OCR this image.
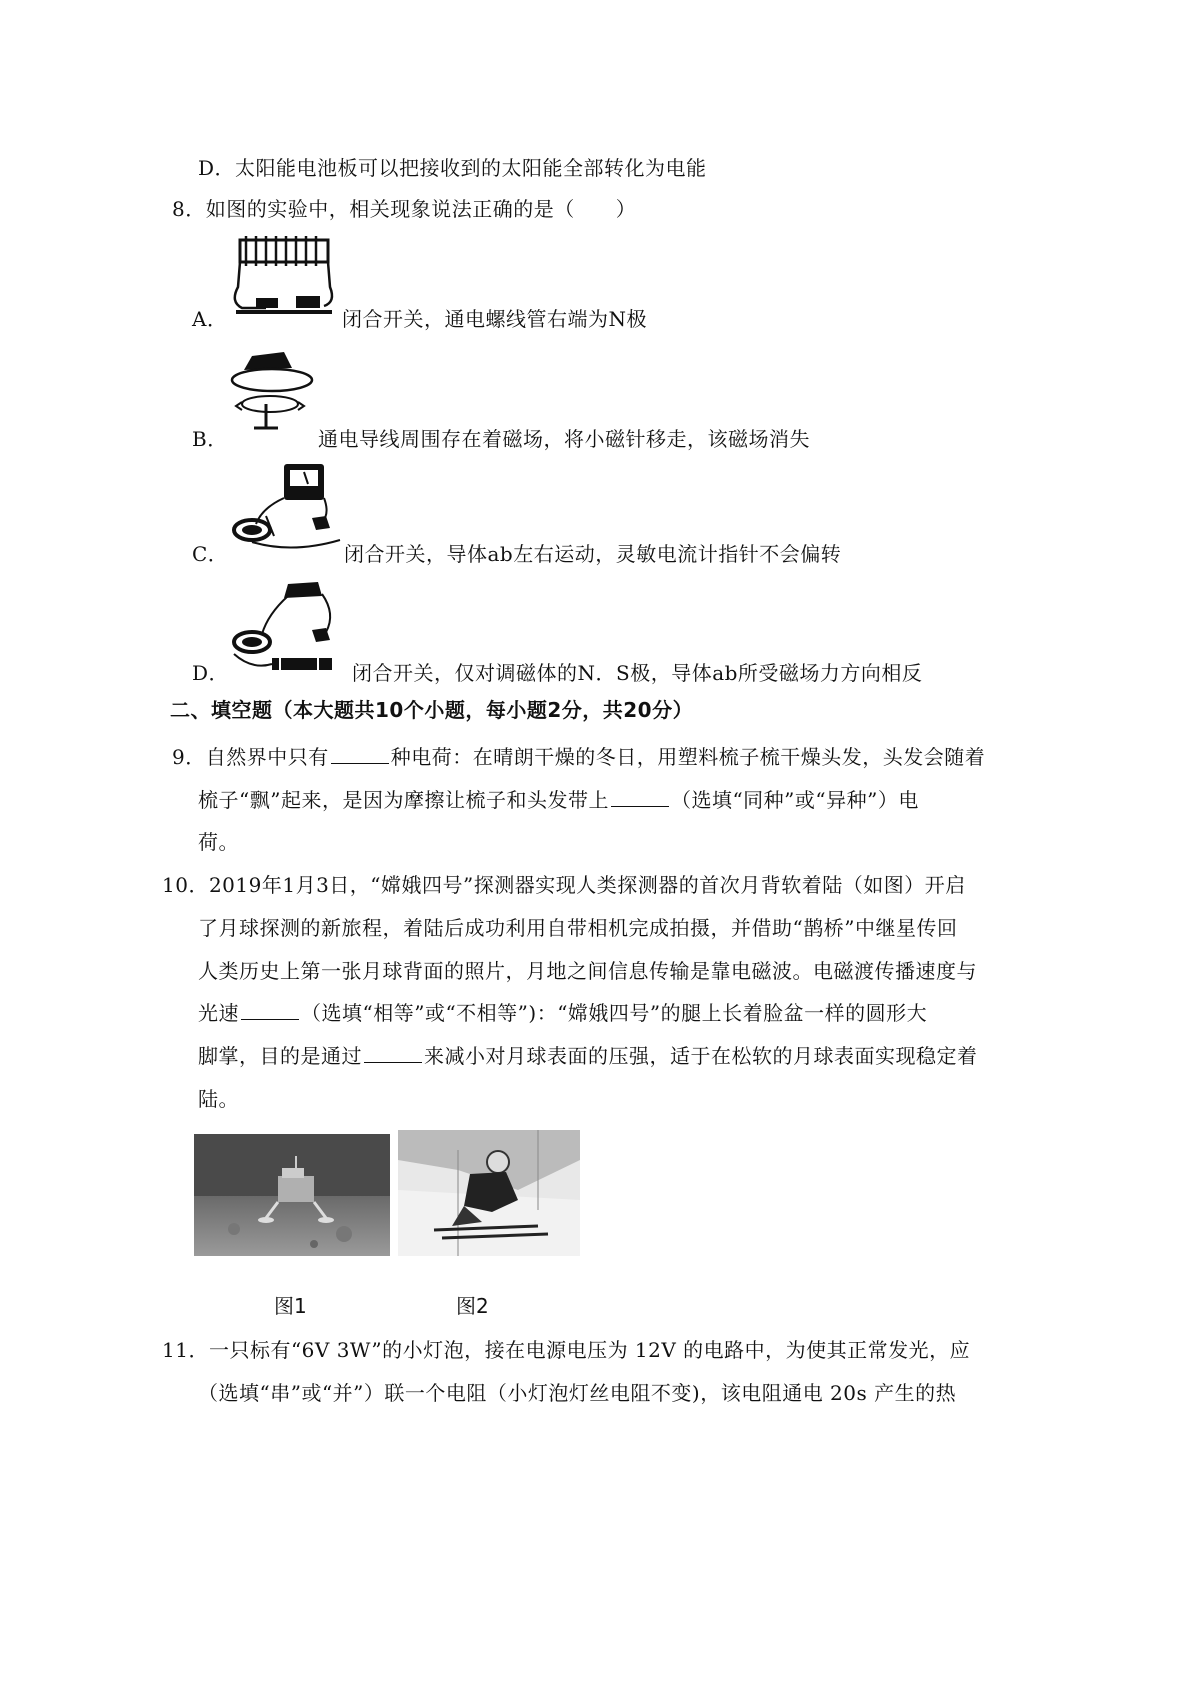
D．太阳能电池板可以把接收到的太阳能全部转化为电能
8．如图的实验中，相关现象说法正确的是（　　）
A．	闭合开关，通电螺线管右端为N极
B．	通电导线周围存在着磁场，将小磁针移走，该磁场消失
C．	闭合开关，导体ab左右运动，灵敏电流计指针不会偏转
D．	闭合开关，仅对调磁体的N．S极，导体ab所受磁场力方向相反
二、填空题（本大题共10个小题，每小题2分，共20分）
9．自然界中只有	种电荷：在晴朗干燥的冬日，用塑料梳子梳干燥头发，头发会随着
梳子“飘”起来，是因为摩擦让梳子和头发带上	（选填“同种”或“异种”）电
荷。
10．2019年1月3日，“嫦娥四号”探测器实现人类探测器的首次月背软着陆（如图）开启
了月球探测的新旅程，着陆后成功利用自带相机完成拍摄，并借助“鹊桥”中继星传回
人类历史上第一张月球背面的照片，月地之间信息传输是靠电磁波。电磁渡传播速度与
光速	（选填“相等”或“不相等”)：“嫦娥四号”的腿上长着脸盆一样的圆形大
脚掌，目的是通过	来减小对月球表面的压强，适于在松软的月球表面实现稳定着
陆。
图1	图2
11．一只标有“6V 3W”的小灯泡，接在电源电压为 12V 的电路中，为使其正常发光，应
（选填“串”或“并”）联一个电阻（小灯泡灯丝电阻不变)，该电阻通电 20s 产生的热
